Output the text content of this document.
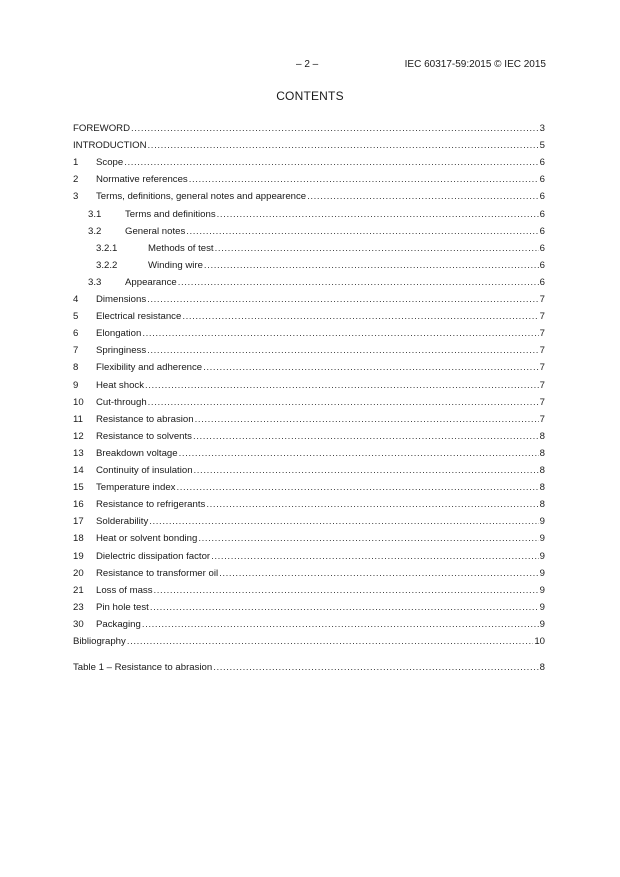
– 2 –	IEC 60317-59:2015 © IEC 2015
CONTENTS
FOREWORD .....	3
INTRODUCTION .....	5
1	Scope .....	6
2	Normative references .....	6
3	Terms, definitions, general notes and appearence .....	6
3.1	Terms and definitions .....	6
3.2	General notes .....	6
3.2.1	Methods of test .....	6
3.2.2	Winding wire .....	6
3.3	Appearance .....	6
4	Dimensions .....	7
5	Electrical resistance .....	7
6	Elongation .....	7
7	Springiness .....	7
8	Flexibility and adherence .....	7
9	Heat shock .....	7
10	Cut-through .....	7
11	Resistance to abrasion .....	7
12	Resistance to solvents .....	8
13	Breakdown voltage .....	8
14	Continuity of insulation .....	8
15	Temperature index .....	8
16	Resistance to refrigerants .....	8
17	Solderability .....	9
18	Heat or solvent bonding .....	9
19	Dielectric dissipation factor .....	9
20	Resistance to transformer oil .....	9
21	Loss of mass .....	9
23	Pin hole test .....	9
30	Packaging .....	9
Bibliography .....	10
Table 1 – Resistance to abrasion .....	8
